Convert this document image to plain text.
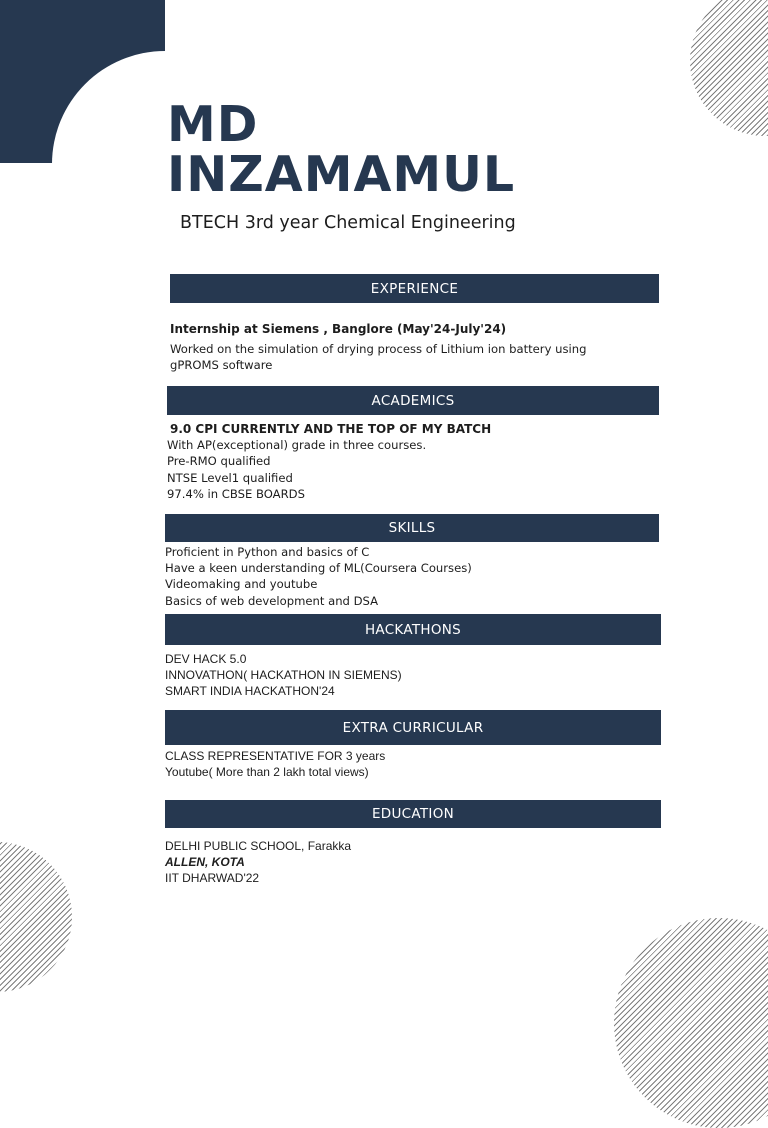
MD
INZAMAMUL

BTECH 3rd year Chemical Engineering

EXPERIENCE
Internship at Siemens , Banglore (May'24-July'24)
Worked on the simulation of drying process of Lithium ion battery using
gPROMS software
ACADEMICS
9.0 CPI CURRENTLY AND THE TOP OF MY BATCH
With AP(exceptional) grade in three courses.
Pre-RMO qualified
NTSE Level1 qualified
97.4% in CBSE BOARDS
SKILLS
Proficient in Python and basics of C
Have a keen understanding of ML(Coursera Courses)
Videomaking and youtube
Basics of web development and DSA
HACKATHONS
DEV HACK 5.0
INNOVATHON( HACKATHON IN SIEMENS)
SMART INDIA HACKATHON'24
EXTRA CURRICULAR
CLASS REPRESENTATIVE FOR 3 years
Youtube( More than 2 lakh total views)
EDUCATION
DELHI PUBLIC SCHOOL, Farakka
ALLEN, KOTA
IIT DHARWAD'22
